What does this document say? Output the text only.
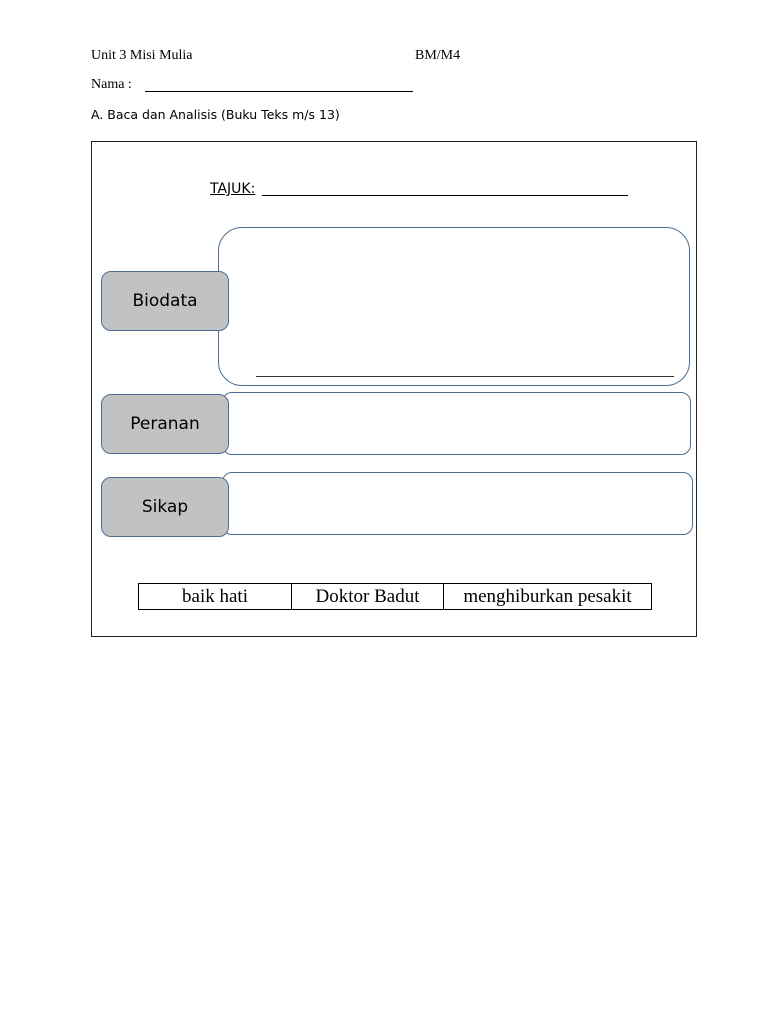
Unit 3 Misi Mulia	BM/M4
Nama :
A. Baca dan Analisis (Buku Teks m/s 13)
TAJUK:
Biodata
Peranan
Sikap
baik hati	Doktor Badut	menghiburkan pesakit
